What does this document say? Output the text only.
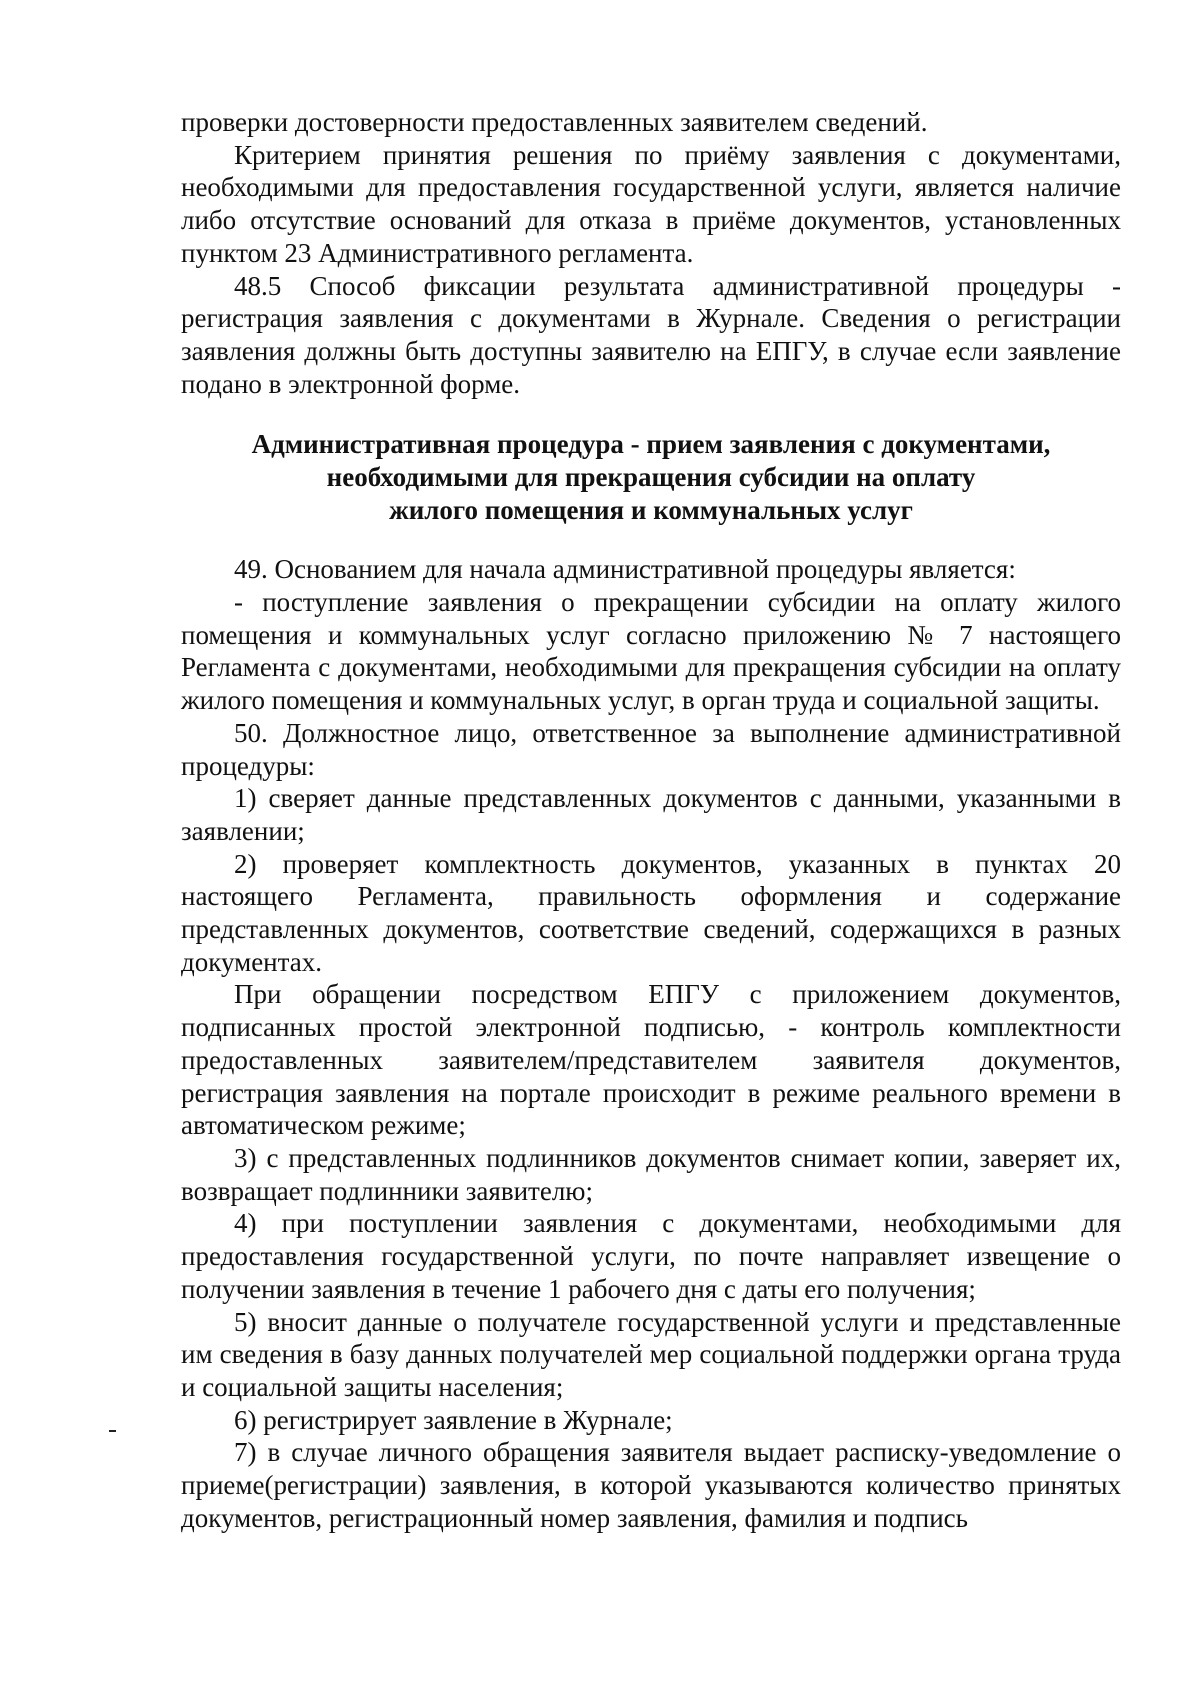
проверки достоверности предоставленных заявителем сведений.

Критерием принятия решения по приёму заявления с документами, необходимыми для предоставления государственной услуги, является наличие либо отсутствие оснований для отказа в приёме документов, установленных пунктом 23 Административного регламента.

48.5 Способ фиксации результата административной процедуры - регистрация заявления с документами в Журнале. Сведения о регистрации заявления должны быть доступны заявителю на ЕПГУ, в случае если заявление подано в электронной форме.

Административная процедура - прием заявления с документами,
необходимыми для прекращения субсидии на оплату
жилого помещения и коммунальных услуг

49. Основанием для начала административной процедуры является:

- поступление заявления о прекращении субсидии на оплату жилого помещения и коммунальных услуг согласно приложению № 7 настоящего Регламента с документами, необходимыми для прекращения субсидии на оплату жилого помещения и коммунальных услуг, в орган труда и социальной защиты.

50. Должностное лицо, ответственное за выполнение административной процедуры:

1) сверяет данные представленных документов с данными, указанными в заявлении;

2) проверяет комплектность документов, указанных в пунктах 20 настоящего Регламента, правильность оформления и содержание представленных документов, соответствие сведений, содержащихся в разных документах.

При обращении посредством ЕПГУ с приложением документов, подписанных простой электронной подписью, - контроль комплектности предоставленных заявителем/представителем заявителя документов, регистрация заявления на портале происходит в режиме реального времени в автоматическом режиме;

3) с представленных подлинников документов снимает копии, заверяет их, возвращает подлинники заявителю;

4) при поступлении заявления с документами, необходимыми для предоставления государственной услуги, по почте направляет извещение о получении заявления в течение 1 рабочего дня с даты его получения;

5) вносит данные о получателе государственной услуги и представленные им сведения в базу данных получателей мер социальной поддержки органа труда и социальной защиты населения;

6) регистрирует заявление в Журнале;

7) в случае личного обращения заявителя выдает расписку-уведомление о приеме(регистрации) заявления, в которой указываются количество принятых документов, регистрационный номер заявления, фамилия и подпись
